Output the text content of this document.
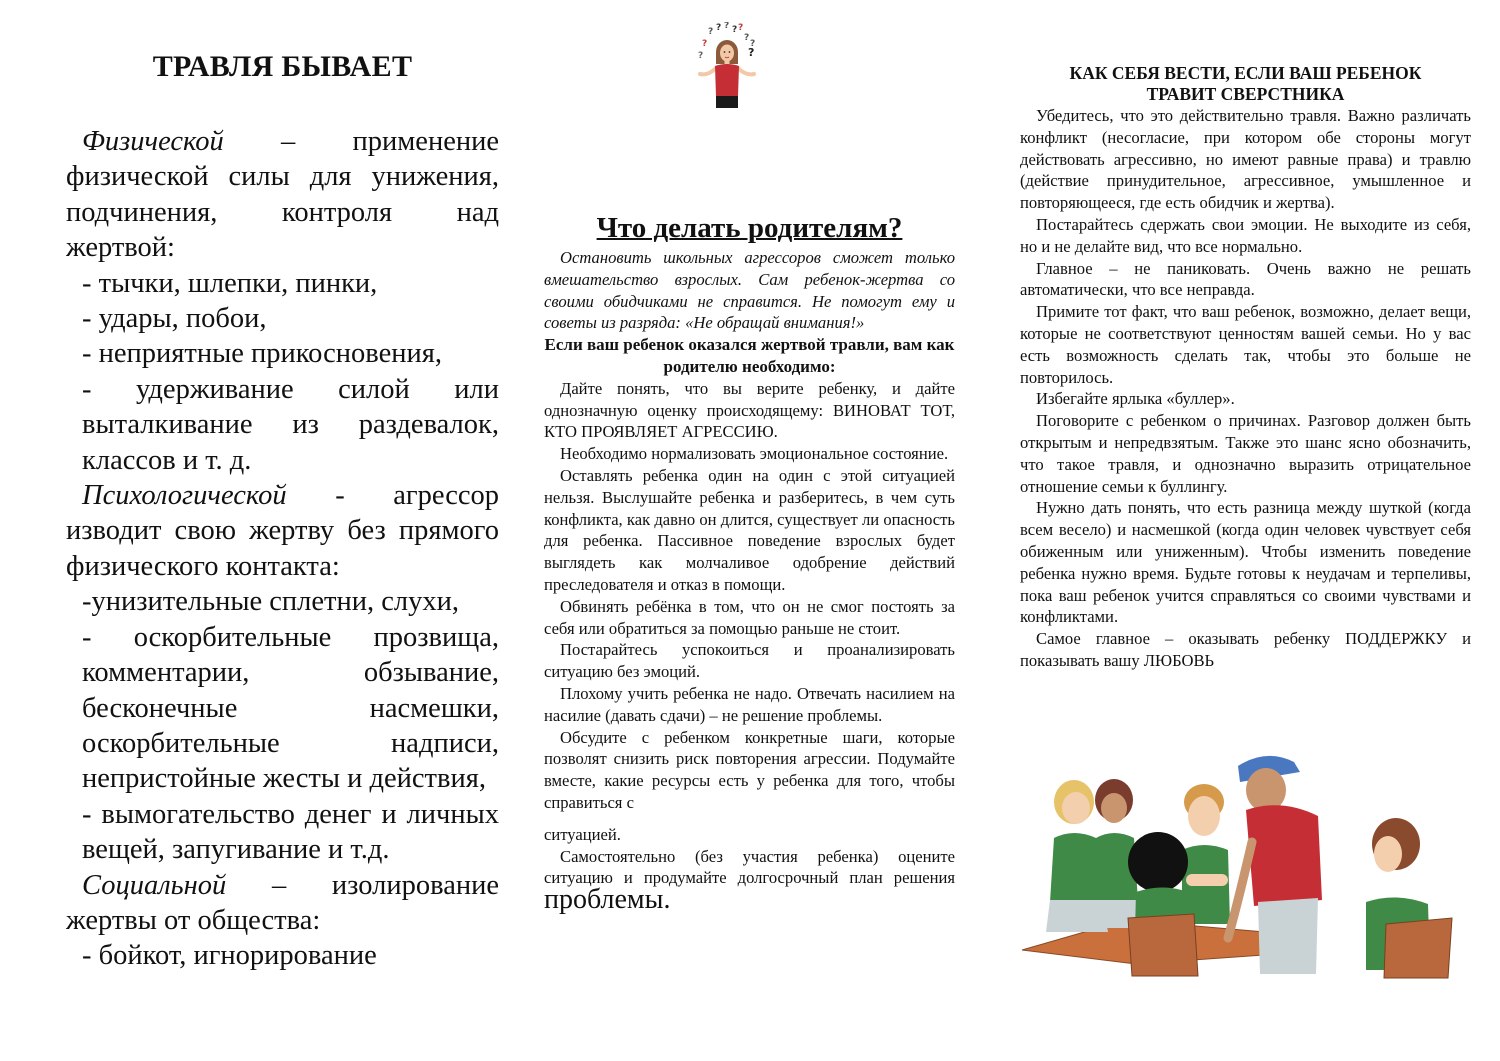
ТРАВЛЯ БЫВАЕТ

Физической – применение физической силы для унижения, подчинения, контроля над жертвой:

- тычки, шлепки, пинки,

- удары, побои,

- неприятные прикосновения,

- удерживание силой или выталкивание из раздевалок, классов и т. д.

Психологической - агрессор изводит свою жертву без прямого физического контакта:

-унизительные сплетни, слухи,

- оскорбительные прозвища, комментарии, обзывание, бесконечные насмешки, оскорбительные надписи, непристойные жесты и действия,

- вымогательство денег и личных вещей, запугивание и т.д.

Социальной – изолирование жертвы от общества:

- бойкот, игнорирование

?
? ? ? ? ?
?
?	?
?
Что делать родителям?

Остановить школьных агрессоров сможет только вмешательство взрослых. Сам ребенок-жертва со своими обидчиками не справится. Не помогут ему и советы из разряда: «Не обращай внимания!»

Если ваш ребенок оказался жертвой травли, вам как родителю необходимо:

Дайте понять, что вы верите ребенку, и дайте однозначную оценку происходящему: ВИНОВАТ ТОТ, КТО ПРОЯВЛЯЕТ АГРЕССИЮ.

Необходимо нормализовать эмоциональное состояние.

Оставлять ребенка один на один с этой ситуацией нельзя. Выслушайте ребенка и разберитесь, в чем суть конфликта, как давно он длится, существует ли опасность для ребенка. Пассивное поведение взрослых будет выглядеть как молчаливое одобрение действий преследователя и отказ в помощи.

Обвинять ребёнка в том, что он не смог постоять за себя или обратиться за помощью раньше не стоит.

Постарайтесь успокоиться и проанализировать ситуацию без эмоций.

Плохому учить ребенка не надо. Отвечать насилием на насилие (давать сдачи) – не решение проблемы.

Обсудите с ребенком конкретные шаги, которые позволят снизить риск повторения агрессии. Подумайте вместе, какие ресурсы есть у ребенка для того, чтобы справиться с

ситуацией.

Самостоятельно (без участия ребенка) оцените ситуацию и продумайте долгосрочный план решения проблемы.

КАК СЕБЯ ВЕСТИ, ЕСЛИ ВАШ РЕБЕНОК
ТРАВИТ СВЕРСТНИКА

Убедитесь, что это действительно травля. Важно различать конфликт (несогласие, при котором обе стороны могут действовать агрессивно, но имеют равные права) и травлю (действие принудительное, агрессивное, умышленное и повторяющееся, где есть обидчик и жертва).

Постарайтесь сдержать свои эмоции. Не выходите из себя, но и не делайте вид, что все нормально.

Главное – не паниковать. Очень важно не решать автоматически, что все неправда.

Примите тот факт, что ваш ребенок, возможно, делает вещи, которые не соответствуют ценностям вашей семьи. Но у вас есть возможность сделать так, чтобы это больше не повторилось.

Избегайте ярлыка «буллер».

Поговорите с ребенком о причинах. Разговор должен быть открытым и непредвзятым. Также это шанс ясно обозначить, что такое травля, и однозначно выразить отрицательное отношение семьи к буллингу.

Нужно дать понять, что есть разница между шуткой (когда всем весело) и насмешкой (когда один человек чувствует себя обиженным или униженным). Чтобы изменить поведение ребенка нужно время. Будьте готовы к неудачам и терпеливы, пока ваш ребенок учится справляться со своими чувствами и конфликтами.

Самое главное – оказывать ребенку ПОДДЕРЖКУ и показывать вашу ЛЮБОВЬ
